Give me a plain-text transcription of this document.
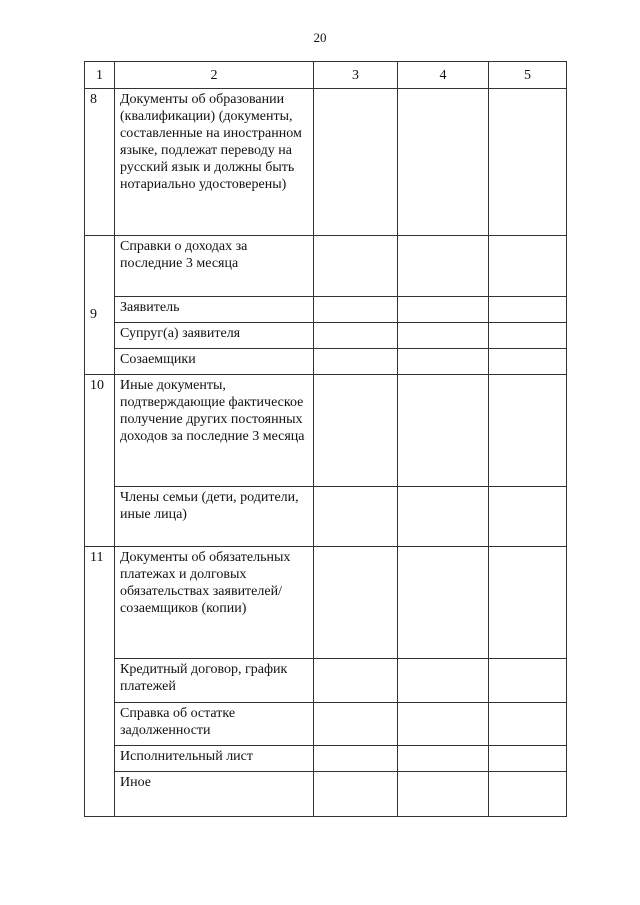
20
1	2	3	4	5
8	Документы об образовании (квалификации) (документы, составленные на иностранном языке, подлежат переводу на русский язык и должны быть нотариально удостоверены)			
9	Справки о доходах за последние 3 месяца			
	Заявитель			
	Супруг(а) заявителя			
	Созаемщики			
10	Иные документы, подтверждающие фактическое получение других постоянных доходов за последние 3 месяца			
	Члены семьи (дети, родители, иные лица)			
11	Документы об обязательных платежах и долговых обязательствах заявителей/созаемщиков (копии)			
	Кредитный договор, график платежей			
	Справка об остатке задолженности			
	Исполнительный лист			
	Иное			
